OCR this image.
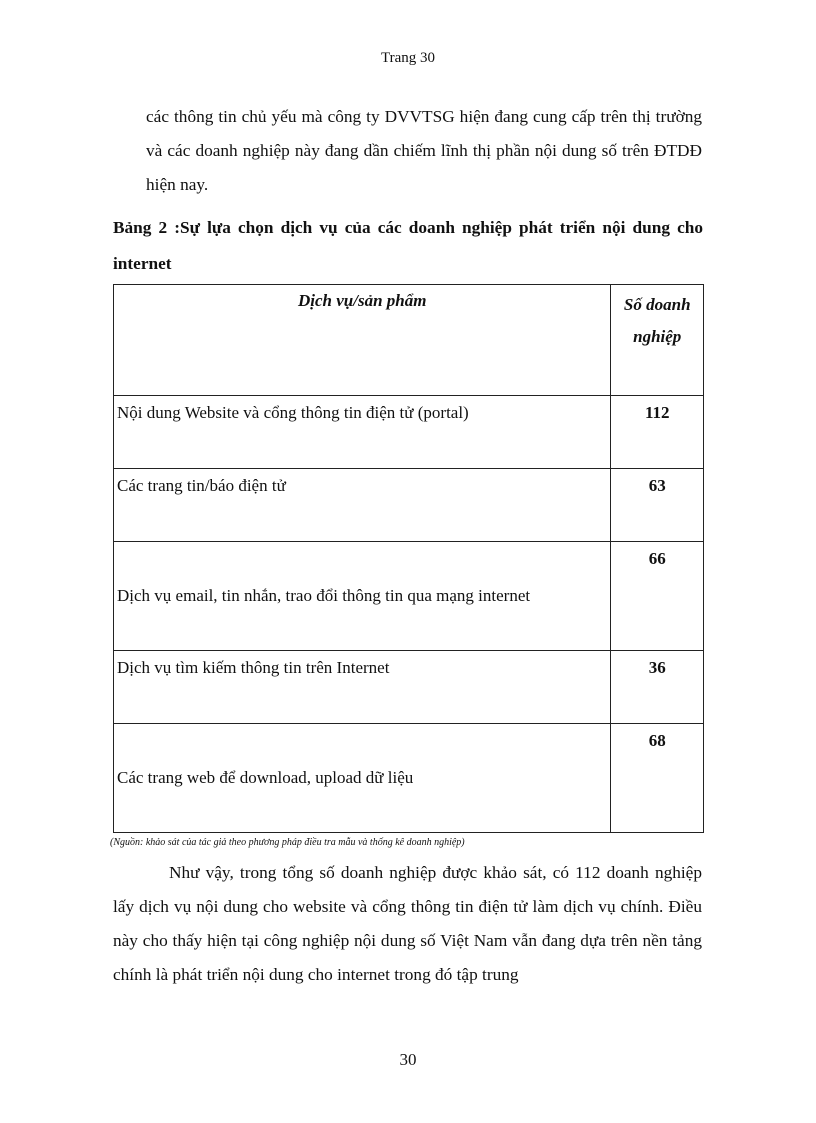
Trang 30

các thông tin chủ yếu mà công ty DVVTSG hiện đang cung cấp trên thị trường và các doanh nghiệp này đang dần chiếm lĩnh thị phần nội dung số trên ĐTDĐ hiện nay.

Bảng 2 :Sự lựa chọn dịch vụ của các doanh nghiệp phát triển nội dung cho internet

Dịch vụ/sản phẩm	Số doanh nghiệp

Nội dung Website và cổng thông tin điện tử (portal)	112

Các trang tin/báo điện tử	63

Dịch vụ email, tin nhắn, trao đổi thông tin qua mạng internet	66

Dịch vụ tìm kiếm thông tin trên Internet	36

Các trang web để download, upload dữ liệu	68

(Nguồn: khảo sát của tác giả theo phương pháp điều tra mẫu và thống kê doanh nghiệp)

Như vậy, trong tổng số doanh nghiệp được khảo sát, có 112 doanh nghiệp lấy dịch vụ nội dung cho website và cổng thông tin điện tử làm dịch vụ chính. Điều này cho thấy hiện tại công nghiệp nội dung số Việt Nam vẫn đang dựa trên nền tảng chính là phát triển nội dung cho internet trong đó tập trung

30
